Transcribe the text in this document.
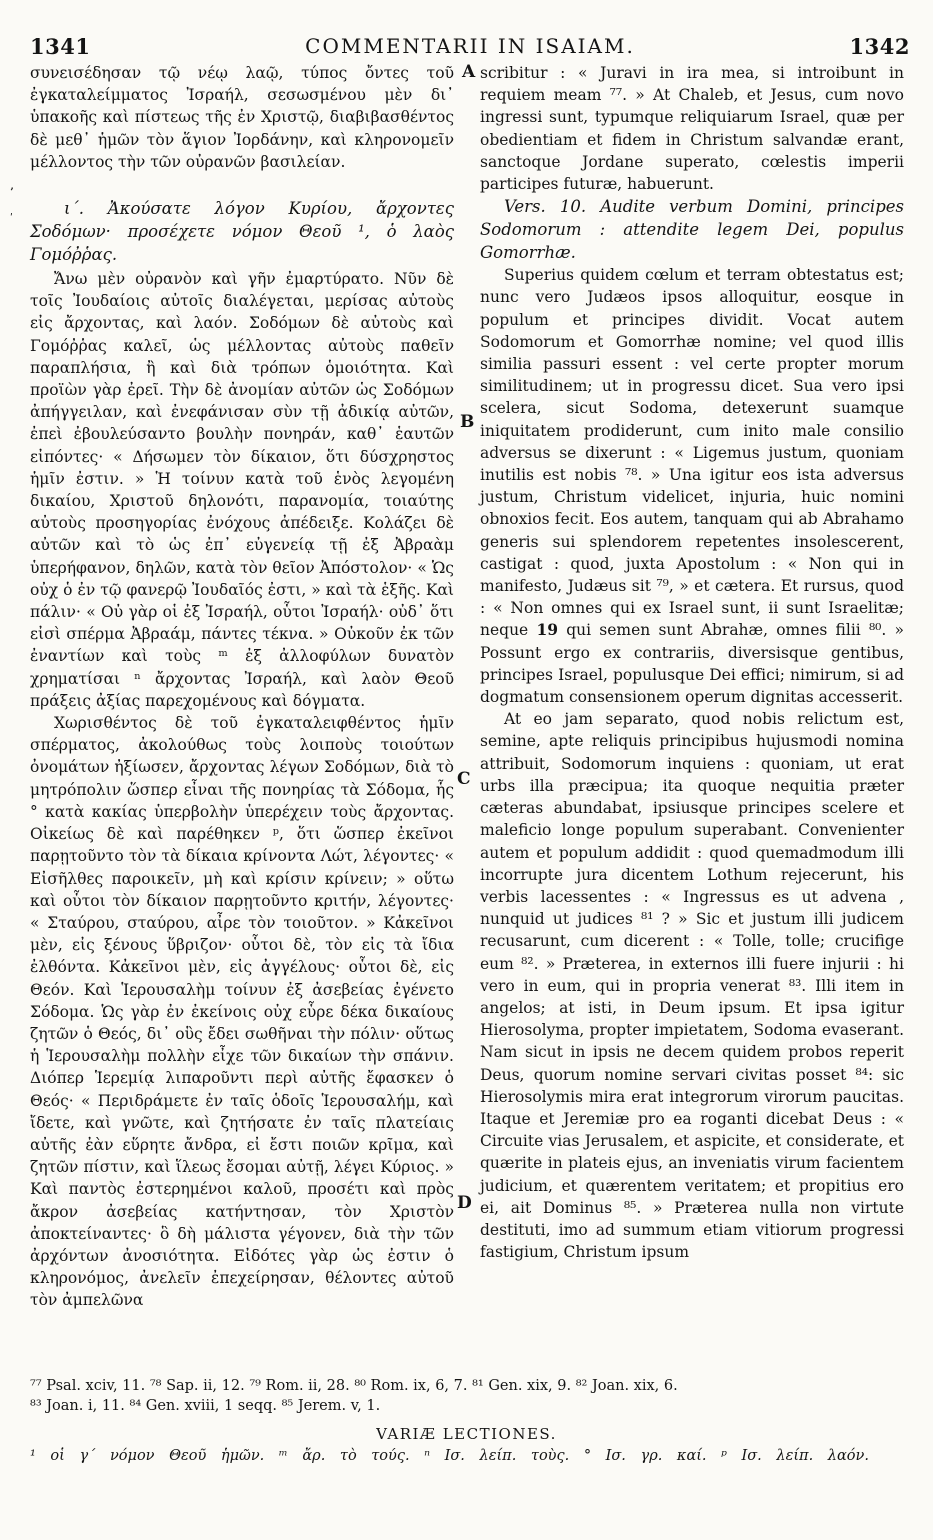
1341	COMMENTARII IN ISAIAM.	1342
ʼ
ʹ

συνεισέδησαν τῷ νέῳ λαῷ, τύπος ὄντες τοῦ ἐγκαταλείμματος Ἰσραήλ, σεσωσμένου μὲν δι᾽ ὑπακοῆς καὶ πίστεως τῆς ἐν Χριστῷ, διαβιβασθέντος δὲ μεθ᾽ ἡμῶν τὸν ἅγιον Ἰορδάνην, καὶ κληρονομεῖν μέλλοντος τὴν τῶν οὐρανῶν βασιλείαν.

ι΄. Ἀκούσατε λόγον Κυρίου, ἄρχοντες Σοδόμων· προσέχετε νόμον Θεοῦ ¹, ὁ λαὸς Γομόῤῥας.

Ἄνω μὲν οὐρανὸν καὶ γῆν ἐμαρτύρατο. Νῦν δὲ τοῖς Ἰουδαίοις αὐτοῖς διαλέγεται, μερίσας αὐτοὺς εἰς ἄρχοντας, καὶ λαόν. Σοδόμων δὲ αὐτοὺς καὶ Γομόῤῥας καλεῖ, ὡς μέλλοντας αὐτοὺς παθεῖν παραπλήσια, ἢ καὶ διὰ τρόπων ὁμοιότητα. Καὶ προϊὼν γὰρ ἐρεῖ. Τὴν δὲ ἀνομίαν αὐτῶν ὡς Σοδόμων ἀπήγγειλαν, καὶ ἐνεφάνισαν σὺν τῇ ἀδικίᾳ αὐτῶν, ἐπεὶ ἐβουλεύσαντο βουλὴν πονηράν, καθ᾽ ἑαυτῶν εἰπόντες· « Δήσωμεν τὸν δίκαιον, ὅτι δύσχρηστος ἡμῖν ἐστιν. » Ἡ τοίνυν κατὰ τοῦ ἑνὸς λεγομένη δικαίου, Χριστοῦ δηλονότι, παρανομία, τοιαύτης αὐτοὺς προσηγορίας ἐνόχους ἀπέδειξε. Κολάζει δὲ αὐτῶν καὶ τὸ ὡς ἐπ᾽ εὐγενείᾳ τῇ ἐξ Ἀβραὰμ ὑπερήφανον, δηλῶν, κατὰ τὸν θεῖον Ἀπόστολον· « Ὡς οὐχ ὁ ἐν τῷ φανερῷ Ἰουδαῖός ἐστι, » καὶ τὰ ἑξῆς. Καὶ πάλιν· « Οὐ γὰρ οἱ ἐξ Ἰσραήλ, οὗτοι Ἰσραήλ· οὐδ᾽ ὅτι εἰσὶ σπέρμα Ἀβραάμ, πάντες τέκνα. » Οὐκοῦν ἐκ τῶν ἐναντίων καὶ τοὺς ᵐ ἐξ ἀλλοφύλων δυνατὸν χρηματίσαι ⁿ ἄρχοντας Ἰσραήλ, καὶ λαὸν Θεοῦ πράξεις ἀξίας παρεχομένους καὶ δόγματα.

Χωρισθέντος δὲ τοῦ ἐγκαταλειφθέντος ἡμῖν σπέρματος, ἀκολούθως τοὺς λοιποὺς τοιούτων ὀνομάτων ἠξίωσεν, ἄρχοντας λέγων Σοδόμων, διὰ τὸ μητρόπολιν ὥσπερ εἶναι τῆς πονηρίας τὰ Σόδομα, ἧς ° κατὰ κακίας ὑπερβολὴν ὑπερέχειν τοὺς ἄρχοντας. Οἰκείως δὲ καὶ παρέθηκεν ᵖ, ὅτι ὥσπερ ἐκεῖνοι παρῃτοῦντο τὸν τὰ δίκαια κρίνοντα Λώτ, λέγοντες· « Εἰσῆλθες παροικεῖν, μὴ καὶ κρίσιν κρίνειν; » οὕτω καὶ οὗτοι τὸν δίκαιον παρῃτοῦντο κριτήν, λέγοντες· « Σταύρου, σταύρου, αἶρε τὸν τοιοῦτον. » Κἀκεῖνοι μὲν, εἰς ξένους ὕβριζον· οὗτοι δὲ, τὸν εἰς τὰ ἴδια ἐλθόντα. Κἀκεῖνοι μὲν, εἰς ἀγγέλους· οὗτοι δὲ, εἰς Θεόν. Καὶ Ἱερουσαλὴμ τοίνυν ἐξ ἀσεβείας ἐγένετο Σόδομα. Ὡς γὰρ ἐν ἐκείνοις οὐχ εὗρε δέκα δικαίους ζητῶν ὁ Θεός, δι᾽ οὓς ἔδει σωθῆναι τὴν πόλιν· οὕτως ἡ Ἱερουσαλὴμ πολλὴν εἶχε τῶν δικαίων τὴν σπάνιν. Διόπερ Ἱερεμίᾳ λιπαροῦντι περὶ αὐτῆς ἔφασκεν ὁ Θεός· « Περιδράμετε ἐν ταῖς ὁδοῖς Ἱερουσαλήμ, καὶ ἴδετε, καὶ γνῶτε, καὶ ζητήσατε ἐν ταῖς πλατείαις αὐτῆς ἐὰν εὕρητε ἄνδρα, εἰ ἔστι ποιῶν κρῖμα, καὶ ζητῶν πίστιν, καὶ ἵλεως ἔσομαι αὐτῇ, λέγει Κύριος. » Καὶ παντὸς ἐστερημένοι καλοῦ, προσέτι καὶ πρὸς ἄκρον ἀσεβείας κατήντησαν, τὸν Χριστὸν ἀποκτείναντες· ὃ δὴ μάλιστα γέγονεν, διὰ τὴν τῶν ἀρχόντων ἀνοσιότητα. Εἰδότες γὰρ ὡς ἐστιν ὁ κληρονόμος, ἀνελεῖν ἐπεχείρησαν, θέλοντες αὐτοῦ τὸν ἀμπελῶνα

A
B
C
D

scribitur : « Juravi in ira mea, si introibunt in requiem meam ⁷⁷. » At Chaleb, et Jesus, cum novo ingressi sunt, typumque reliquiarum Israel, quæ per obedientiam et fidem in Christum salvandæ erant, sanctoque Jordane superato, cœlestis imperii participes futuræ, habuerunt.

Vers. 10. Audite verbum Domini, principes Sodomorum : attendite legem Dei, populus Gomorrhæ.

Superius quidem cœlum et terram obtestatus est; nunc vero Judæos ipsos alloquitur, eosque in populum et principes dividit. Vocat autem Sodomorum et Gomorrhæ nomine; vel quod illis similia passuri essent : vel certe propter morum similitudinem; ut in progressu dicet. Sua vero ipsi scelera, sicut Sodoma, detexerunt suamque iniquitatem prodiderunt, cum inito male consilio adversus se dixerunt : « Ligemus justum, quoniam inutilis est nobis ⁷⁸. » Una igitur eos ista adversus justum, Christum videlicet, injuria, huic nomini obnoxios fecit. Eos autem, tanquam qui ab Abrahamo generis sui splendorem repetentes insolescerent, castigat : quod, juxta Apostolum : « Non qui in manifesto, Judæus sit ⁷⁹, » et cætera. Et rursus, quod : « Non omnes qui ex Israel sunt, ii sunt Israelitæ; neque 19 qui semen sunt Abrahæ, omnes filii ⁸⁰. » Possunt ergo ex contrariis, diversisque gentibus, principes Israel, populusque Dei effici; nimirum, si ad dogmatum consensionem operum dignitas accesserit.

At eo jam separato, quod nobis relictum est, semine, apte reliquis principibus hujusmodi nomina attribuit, Sodomorum inquiens : quoniam, ut erat urbs illa præcipua; ita quoque nequitia præter cæteras abundabat, ipsiusque principes scelere et maleficio longe populum superabant. Convenienter autem et populum addidit : quod quemadmodum illi incorrupte jura dicentem Lothum rejecerunt, his verbis lacessentes : « Ingressus es ut advena , nunquid ut judices ⁸¹ ? » Sic et justum illi judicem recusarunt, cum dicerent : « Tolle, tolle; crucifige eum ⁸². » Præterea, in externos illi fuere injurii : hi vero in eum, qui in propria venerat ⁸³. Illi item in angelos; at isti, in Deum ipsum. Et ipsa igitur Hierosolyma, propter impietatem, Sodoma evaserant. Nam sicut in ipsis ne decem quidem probos reperit Deus, quorum nomine servari civitas posset ⁸⁴: sic Hierosolymis mira erat integrorum virorum paucitas. Itaque et Jeremiæ pro ea roganti dicebat Deus : « Circuite vias Jerusalem, et aspicite, et considerate, et quærite in plateis ejus, an inveniatis virum facientem judicium, et quærentem veritatem; et propitius ero ei, ait Dominus ⁸⁵. » Præterea nulla non virtute destituti, imo ad summum etiam vitiorum progressi fastigium, Christum ipsum

⁷⁷ Psal. xciv, 11. ⁷⁸ Sap. ii, 12. ⁷⁹ Rom. ii, 28. ⁸⁰ Rom. ix, 6, 7. ⁸¹ Gen. xix, 9. ⁸² Joan. xix, 6.

⁸³ Joan. i, 11. ⁸⁴ Gen. xviii, 1 seqq. ⁸⁵ Jerem. v, 1.

VARIÆ LECTIONES.
¹ οἱ γ΄ νόμον Θεοῦ ἡμῶν. ᵐ ἄρ. τὸ τούς. ⁿ Ισ. λείπ. τοὺς. ° Ισ. γρ. καί. ᵖ Ισ. λείπ. λαόν.
